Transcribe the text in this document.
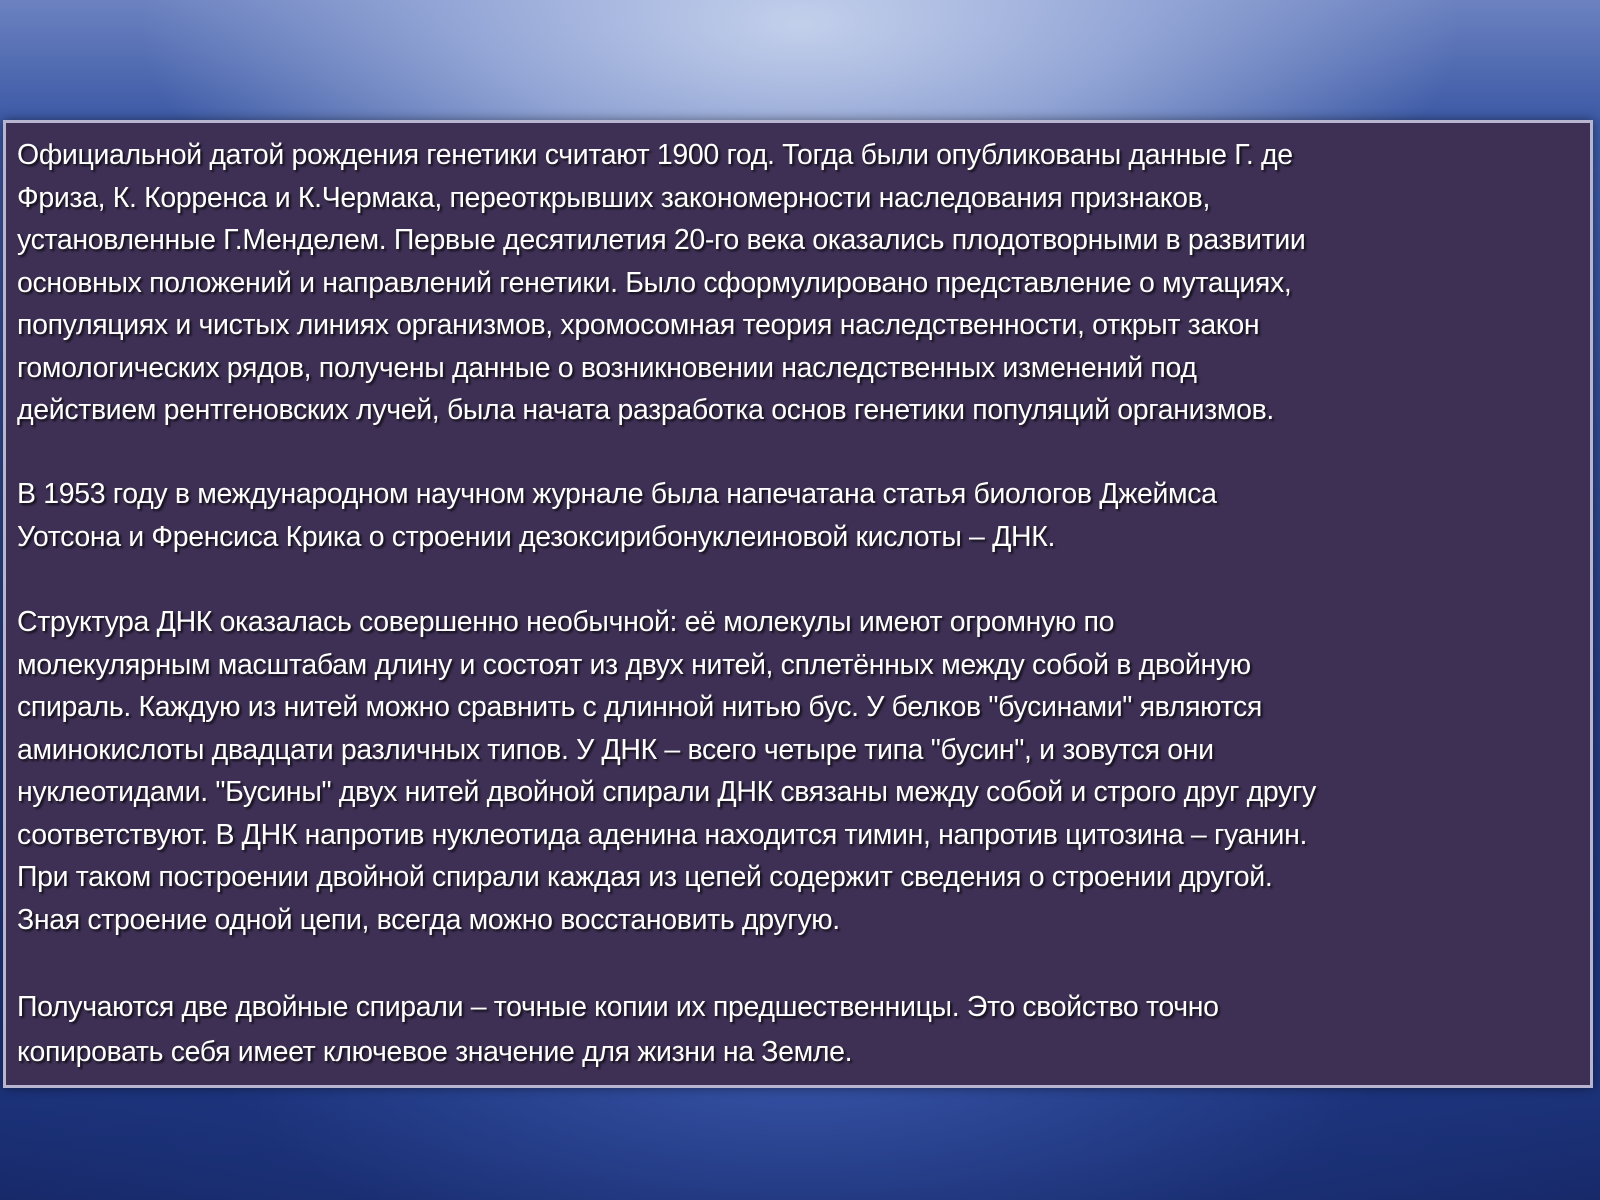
Официальной датой рождения генетики считают 1900 год. Тогда были опубликованы данные Г. де
Фриза, К. Корренса и К.Чермака, переоткрывших закономерности наследования признаков,
установленные Г.Менделем. Первые десятилетия 20-го века оказались плодотворными в развитии
основных положений и направлений генетики. Было сформулировано представление о мутациях,
популяциях и чистых линиях организмов, хромосомная теория наследственности, открыт закон
гомологических рядов, получены данные о возникновении наследственных изменений под
действием рентгеновских лучей, была начата разработка основ генетики популяций организмов.

В 1953 году в международном научном журнале была напечатана статья биологов Джеймса
Уотсона и Френсиса Крика о строении дезоксирибонуклеиновой кислоты – ДНК.

Структура ДНК оказалась совершенно необычной: её молекулы имеют огромную по
молекулярным масштабам длину и состоят из двух нитей, сплетённых между собой в двойную
спираль. Каждую из нитей можно сравнить с длинной нитью бус. У белков "бусинами" являются
аминокислоты двадцати различных типов. У ДНК – всего четыре типа "бусин", и зовутся они
нуклеотидами. "Бусины" двух нитей двойной спирали ДНК связаны между собой и строго друг другу
соответствуют. В ДНК напротив нуклеотида аденина находится тимин, напротив цитозина – гуанин.
При таком построении двойной спирали каждая из цепей содержит сведения о строении другой.
Зная строение одной цепи, всегда можно восстановить другую.

Получаются две двойные спирали – точные копии их предшественницы. Это свойство точно
копировать себя имеет ключевое значение для жизни на Земле.
